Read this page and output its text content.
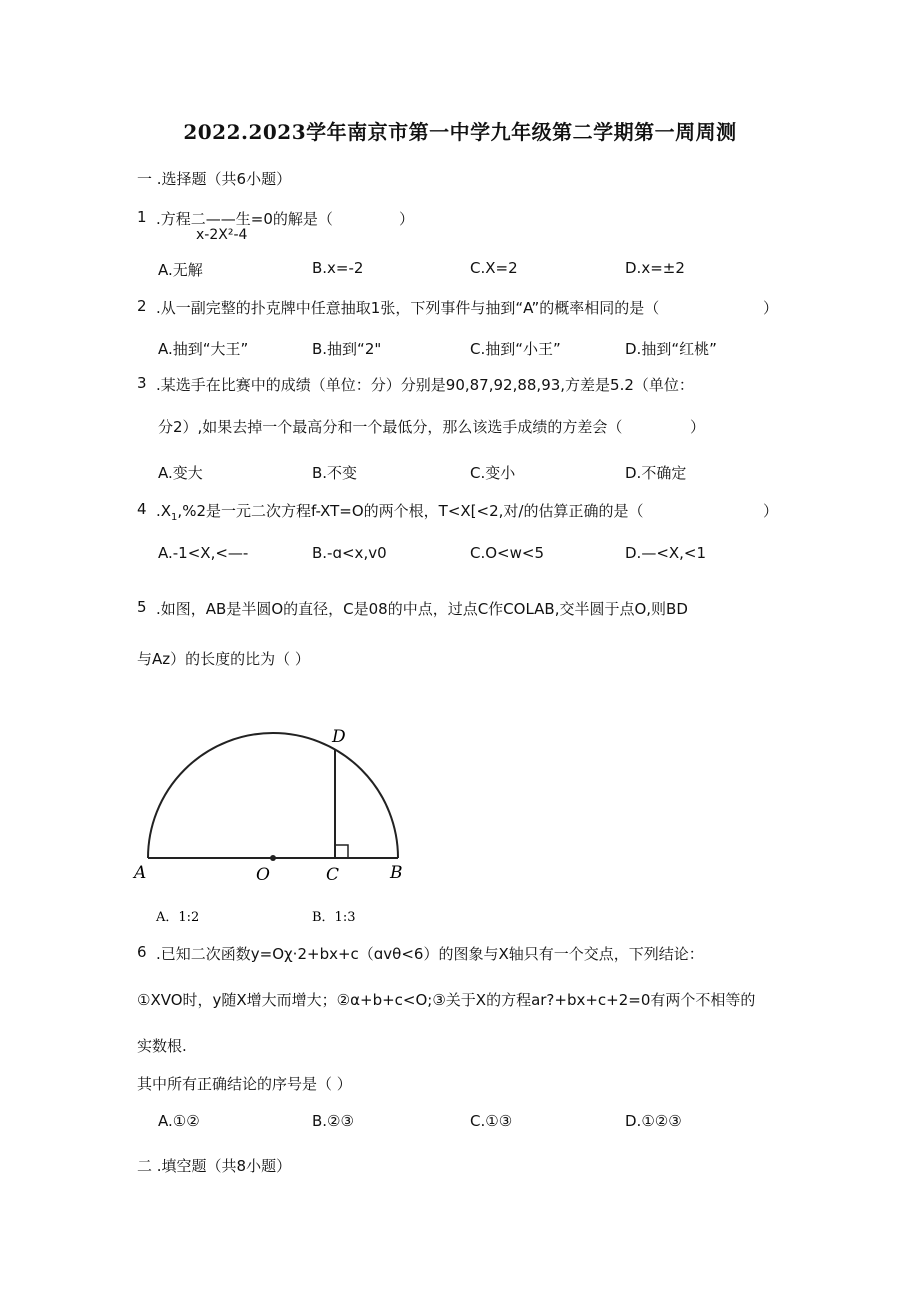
2022.2023学年南京市第一中学九年级第二学期第一周周测
一 .选择题（共6小题）
1 .方程二——生=0的解是（	）
x-2X²-4
A.无解	B.x=-2	C.X=2	D.x=±2
2 .从一副完整的扑克牌中任意抽取1张，下列事件与抽到“A”的概率相同的是（	）
A.抽到“大王”	B.抽到“2"	C.抽到“小王”	D.抽到“红桃”
3 .某选手在比赛中的成绩（单位：分）分别是90,87,92,88,93,方差是5.2（单位：
分2）,如果去掉一个最高分和一个最低分，那么该选手成绩的方差会（	）
A.变大	B.不变	C.变小	D.不确定
4 $.X_1,\%2$是一元二次方程f-XT=O的两个根，T<X[<2,对/的估算正确的是（	）
A.-1<X,<—-	B.-ɑ<x,v0	C.O<w<5	D.—<X,<1
5 .如图，AB是半圆O的直径，C是08的中点，过点C作COLAB,交半圆于点O,则BD
与Az）的长度的比为（ ）
A	O	C	B
D
A．1:2	B．1:3
6 .已知二次函数y=Oχ·2+bx+c（ɑvθ<6）的图象与X轴只有一个交点，下列结论：
①XVO时，y随X增大而增大；②α+b+c<O;③关于X的方程ar?+bx+c+2=0有两个不相等的
实数根.
其中所有正确结论的序号是（ ）
A.①②	B.②③	C.①③	D.①②③
二 .填空题（共8小题）
